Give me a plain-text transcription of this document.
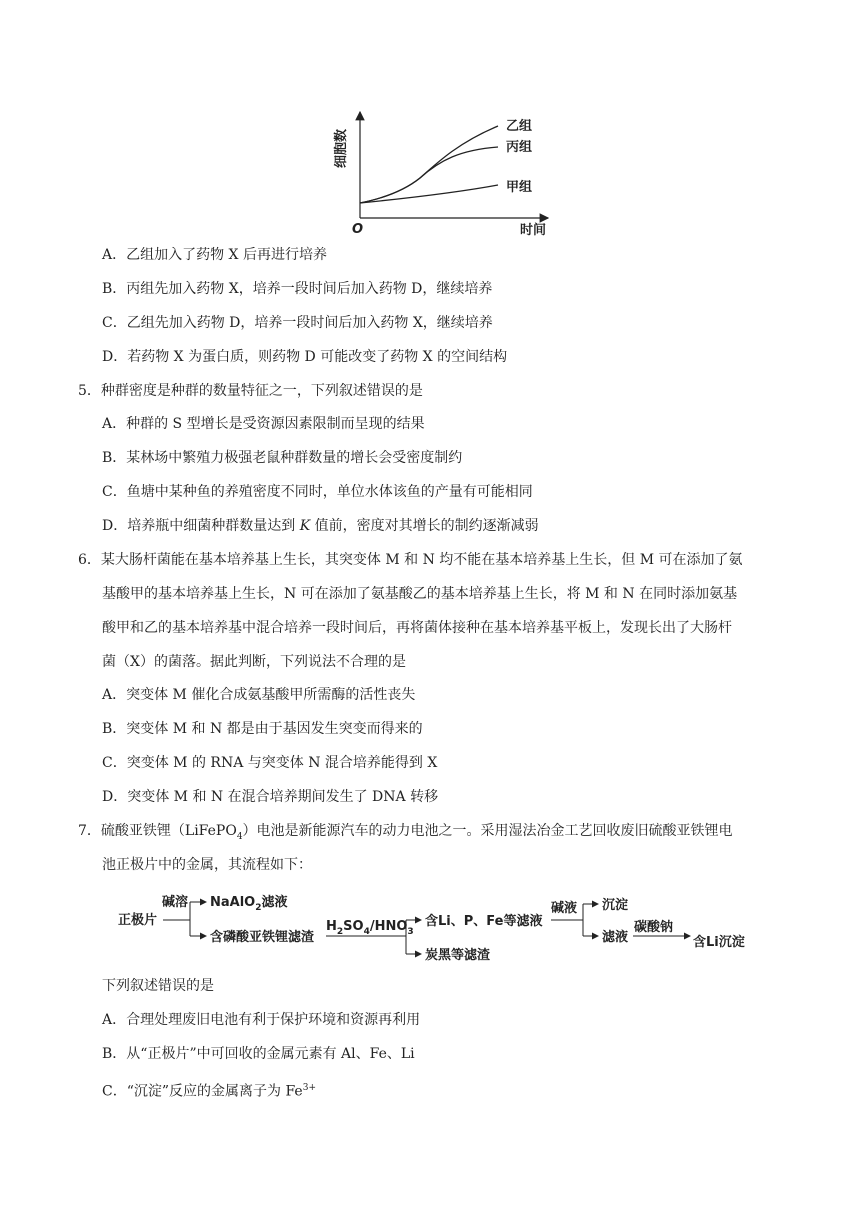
乙组
丙组
甲组
细胞数
O	时间
A．乙组加入了药物 X 后再进行培养
B．丙组先加入药物 X，培养一段时间后加入药物 D，继续培养
C．乙组先加入药物 D，培养一段时间后加入药物 X，继续培养
D．若药物 X 为蛋白质，则药物 D 可能改变了药物 X 的空间结构
5．种群密度是种群的数量特征之一，下列叙述错误的是
A．种群的 S 型增长是受资源因素限制而呈现的结果
B．某林场中繁殖力极强老鼠种群数量的增长会受密度制约
C．鱼塘中某种鱼的养殖密度不同时，单位水体该鱼的产量有可能相同
D．培养瓶中细菌种群数量达到 K 值前，密度对其增长的制约逐渐减弱
6．某大肠杆菌能在基本培养基上生长，其突变体 M 和 N 均不能在基本培养基上生长，但 M 可在添加了氨
基酸甲的基本培养基上生长，N 可在添加了氨基酸乙的基本培养基上生长，将 M 和 N 在同时添加氨基
酸甲和乙的基本培养基中混合培养一段时间后，再将菌体接种在基本培养基平板上，发现长出了大肠杆
菌（X）的菌落。据此判断，下列说法不合理的是
A．突变体 M 催化合成氨基酸甲所需酶的活性丧失
B．突变体 M 和 N 都是由于基因发生突变而得来的
C．突变体 M 的 RNA 与突变体 N 混合培养能得到 X
D．突变体 M 和 N 在混合培养期间发生了 DNA 转移
7．硫酸亚铁锂（LiFePO$_4$）电池是新能源汽车的动力电池之一。采用湿法冶金工艺回收废旧硫酸亚铁锂电
池正极片中的金属，其流程如下：
正极片
碱溶 NaAlO$_2$滤液
含磷酸亚铁锂滤渣
$H_2SO_4/HNO_3$
含Li、P、Fe等滤液
炭黑等滤渣
碱液 沉淀
滤液
碳酸钠
含Li沉淀
下列叙述错误的是
A．合理处理废旧电池有利于保护环境和资源再利用
B．从“正极片”中可回收的金属元素有 Al、Fe、Li
C．“沉淀”反应的金属离子为 $Fe^{3+}$
